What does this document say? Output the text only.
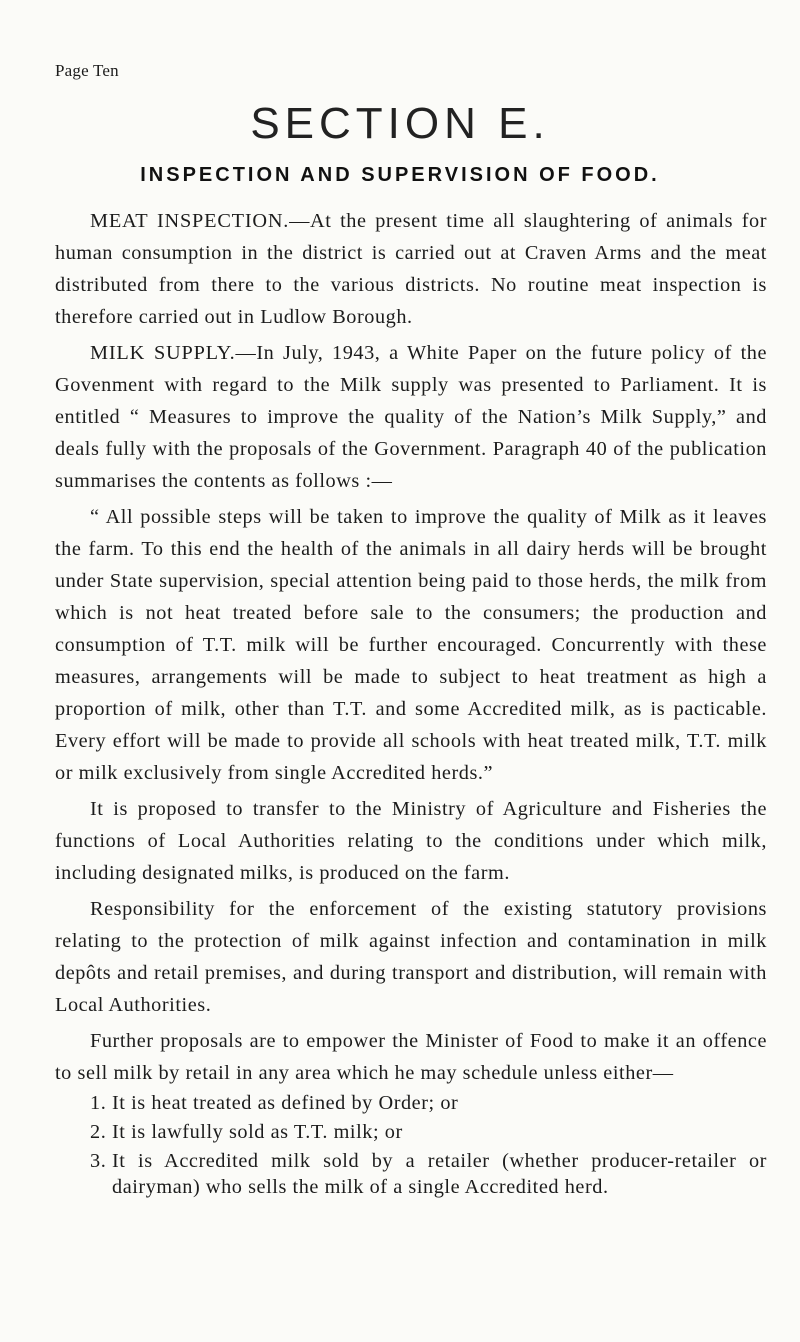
Page Ten
SECTION E.
INSPECTION AND SUPERVISION OF FOOD.

MEAT INSPECTION.—At the present time all slaughtering of animals for human consumption in the district is carried out at Craven Arms and the meat distributed from there to the various districts. No routine meat inspection is therefore carried out in Ludlow Borough.

MILK SUPPLY.—In July, 1943, a White Paper on the future policy of the Govenment with regard to the Milk supply was presented to Parliament. It is entitled “ Measures to improve the quality of the Nation’s Milk Supply,” and deals fully with the proposals of the Government. Paragraph 40 of the publication summarises the contents as follows :—

“ All possible steps will be taken to improve the quality of Milk as it leaves the farm. To this end the health of the animals in all dairy herds will be brought under State supervision, special attention being paid to those herds, the milk from which is not heat treated before sale to the consumers; the production and consumption of T.T. milk will be further encouraged. Concurrently with these measures, arrangements will be made to subject to heat treatment as high a proportion of milk, other than T.T. and some Accredited milk, as is pacticable. Every effort will be made to provide all schools with heat treated milk, T.T. milk or milk exclusively from single Accredited herds.”

It is proposed to transfer to the Ministry of Agriculture and Fisheries the functions of Local Authorities relating to the conditions under which milk, including designated milks, is produced on the farm.

Responsibility for the enforcement of the existing statutory provisions relating to the protection of milk against infection and contamination in milk depôts and retail premises, and during transport and distribution, will remain with Local Authorities.

Further proposals are to empower the Minister of Food to make it an offence to sell milk by retail in any area which he may schedule unless either—

1. It is heat treated as defined by Order; or
2. It is lawfully sold as T.T. milk; or
3. It is Accredited milk sold by a retailer (whether producer-retailer or dairyman) who sells the milk of a single Accredited herd.
